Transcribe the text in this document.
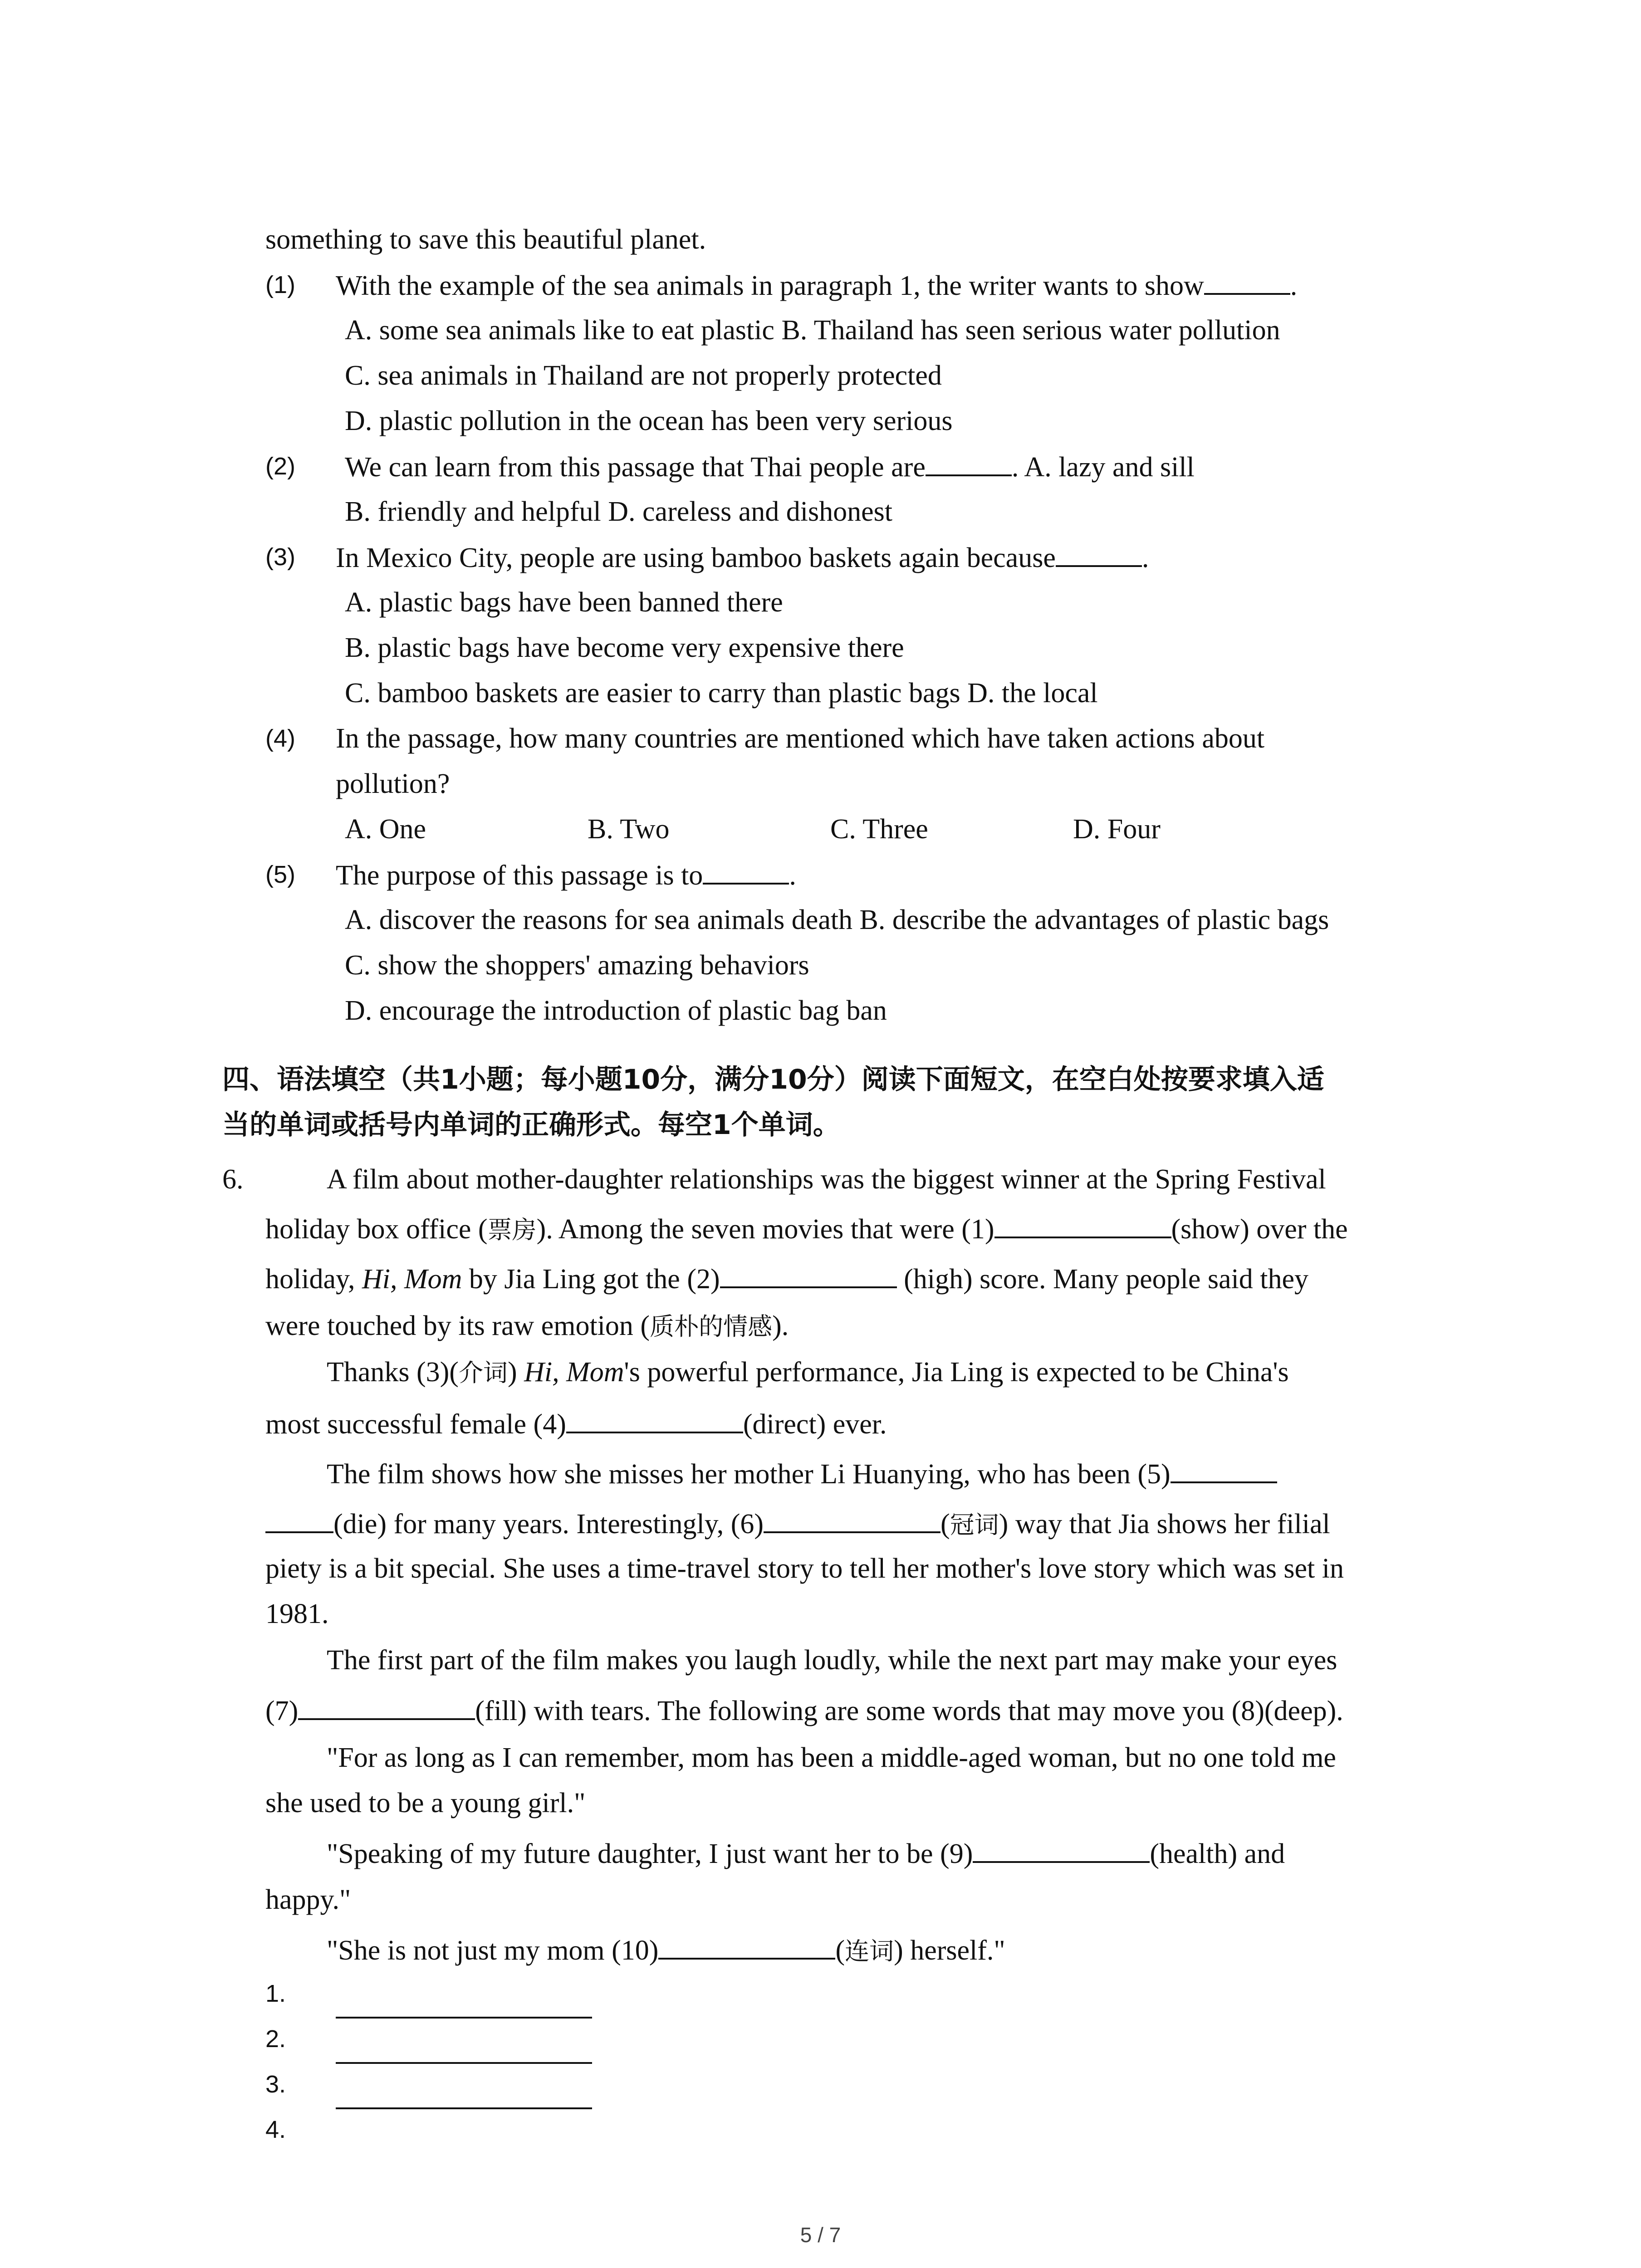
something to save this beautiful planet.
(1) With the example of the sea animals in paragraph 1, the writer wants to show	.
A. some sea animals like to eat plastic B. Thailand has seen serious water pollution
C. sea animals in Thailand are not properly protected
D. plastic pollution in the ocean has been very serious
(2) We can learn from this passage that Thai people are	. A. lazy and sill
B. friendly and helpful D. careless and dishonest
(3) In Mexico City, people are using bamboo baskets again because	.
A. plastic bags have been banned there
B. plastic bags have become very expensive there
C. bamboo baskets are easier to carry than plastic bags D. the local
(4) In the passage, how many countries are mentioned which have taken actions about
pollution?
A. One	B. Two	C. Three	D. Four
(5) The purpose of this passage is to	.
A. discover the reasons for sea animals death B. describe the advantages of plastic bags
C. show the shoppers' amazing behaviors
D. encourage the introduction of plastic bag ban
四、语法填空（共1小题；每小题10分，满分10分）阅读下面短文，在空白处按要求填入适
当的单词或括号内单词的正确形式。每空1个单词。
6.	A film about mother-daughter relationships was the biggest winner at the Spring Festival
holiday box office (票房). Among the seven movies that were (1)	(show) over the
holiday, Hi, Mom by Jia Ling got the (2)	(high) score. Many people said they
were touched by its raw emotion (质朴的情感).
Thanks (3)(介词) Hi, Mom's powerful performance, Jia Ling is expected to be China's
most successful female (4)	(direct) ever.
The film shows how she misses her mother Li Huanying, who has been (5)
(die) for many years. Interestingly, (6)	(冠词) way that Jia shows her filial
piety is a bit special. She uses a time-travel story to tell her mother's love story which was set in
1981.
The first part of the film makes you laugh loudly, while the next part may make your eyes
(7)	(fill) with tears. The following are some words that may move you (8)(deep).
"For as long as I can remember, mom has been a middle-aged woman, but no one told me
she used to be a young girl."
"Speaking of my future daughter, I just want her to be (9)	(health) and
happy."
"She is not just my mom (10)	(连词) herself."
1.
2.
3.
4.
5 / 7
